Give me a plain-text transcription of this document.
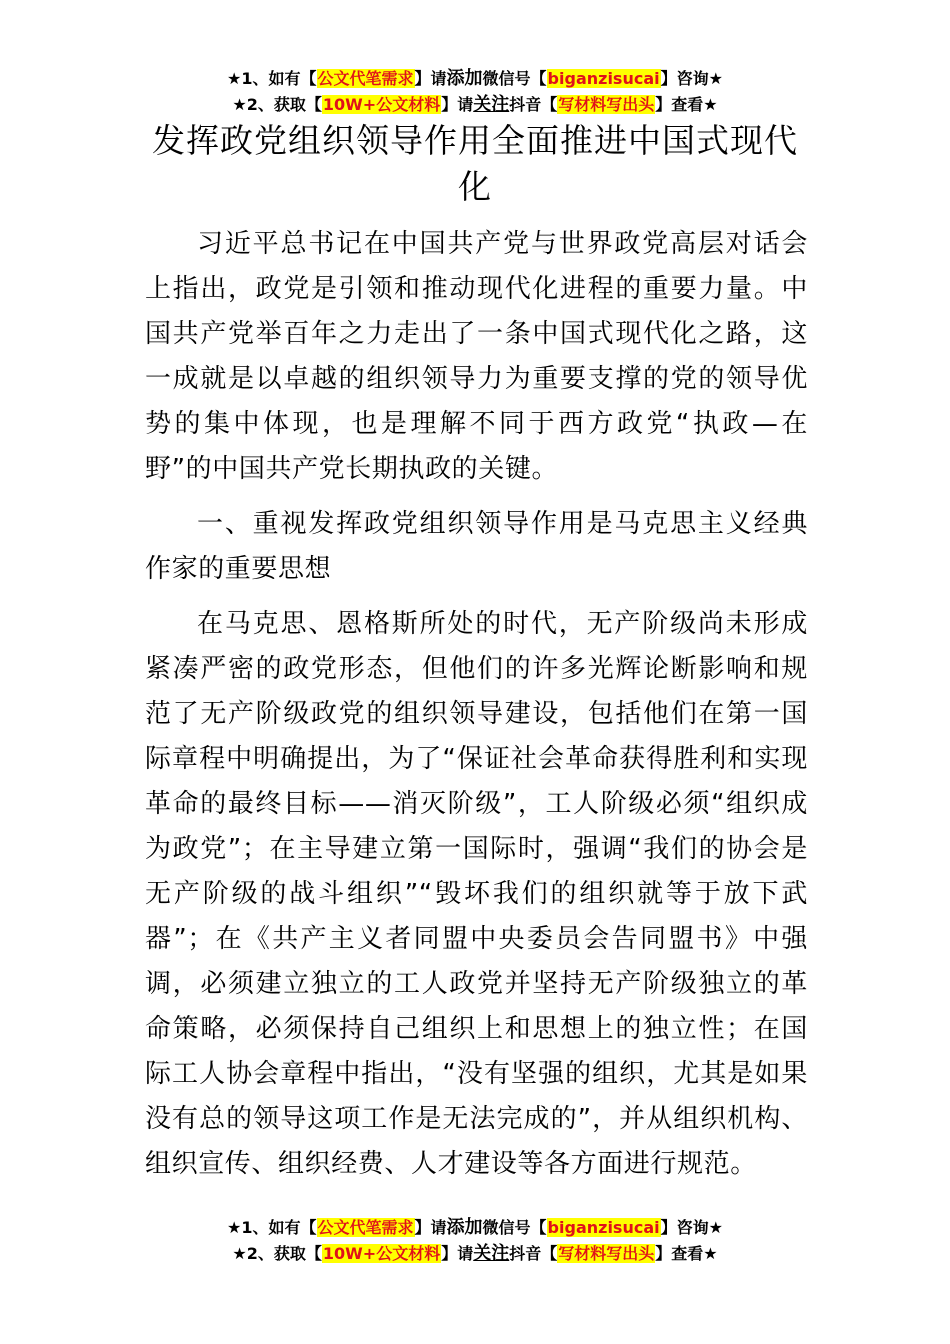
★1、如有【公文代笔需求】请添加微信号【biganzisucai】咨询★
★2、获取【10W+公文材料】请关注抖音【写材料写出头】查看★
发挥政党组织领导作用全面推进中国式现代化

习近平总书记在中国共产党与世界政党高层对话会上指出，政党是引领和推动现代化进程的重要力量。中国共产党举百年之力走出了一条中国式现代化之路，这一成就是以卓越的组织领导力为重要支撑的党的领导优势的集中体现，也是理解不同于西方政党“执政—在野”的中国共产党长期执政的关键。

一、重视发挥政党组织领导作用是马克思主义经典作家的重要思想

在马克思、恩格斯所处的时代，无产阶级尚未形成紧凑严密的政党形态，但他们的许多光辉论断影响和规范了无产阶级政党的组织领导建设，包括他们在第一国际章程中明确提出，为了“保证社会革命获得胜利和实现革命的最终目标——消灭阶级”，工人阶级必须“组织成为政党”；在主导建立第一国际时，强调“我们的协会是无产阶级的战斗组织”“毁坏我们的组织就等于放下武器”；在《共产主义者同盟中央委员会告同盟书》中强调，必须建立独立的工人政党并坚持无产阶级独立的革命策略，必须保持自己组织上和思想上的独立性；在国际工人协会章程中指出，“没有坚强的组织，尤其是如果没有总的领导这项工作是无法完成的”，并从组织机构、组织宣传、组织经费、人才建设等各方面进行规范。

★1、如有【公文代笔需求】请添加微信号【biganzisucai】咨询★
★2、获取【10W+公文材料】请关注抖音【写材料写出头】查看★
